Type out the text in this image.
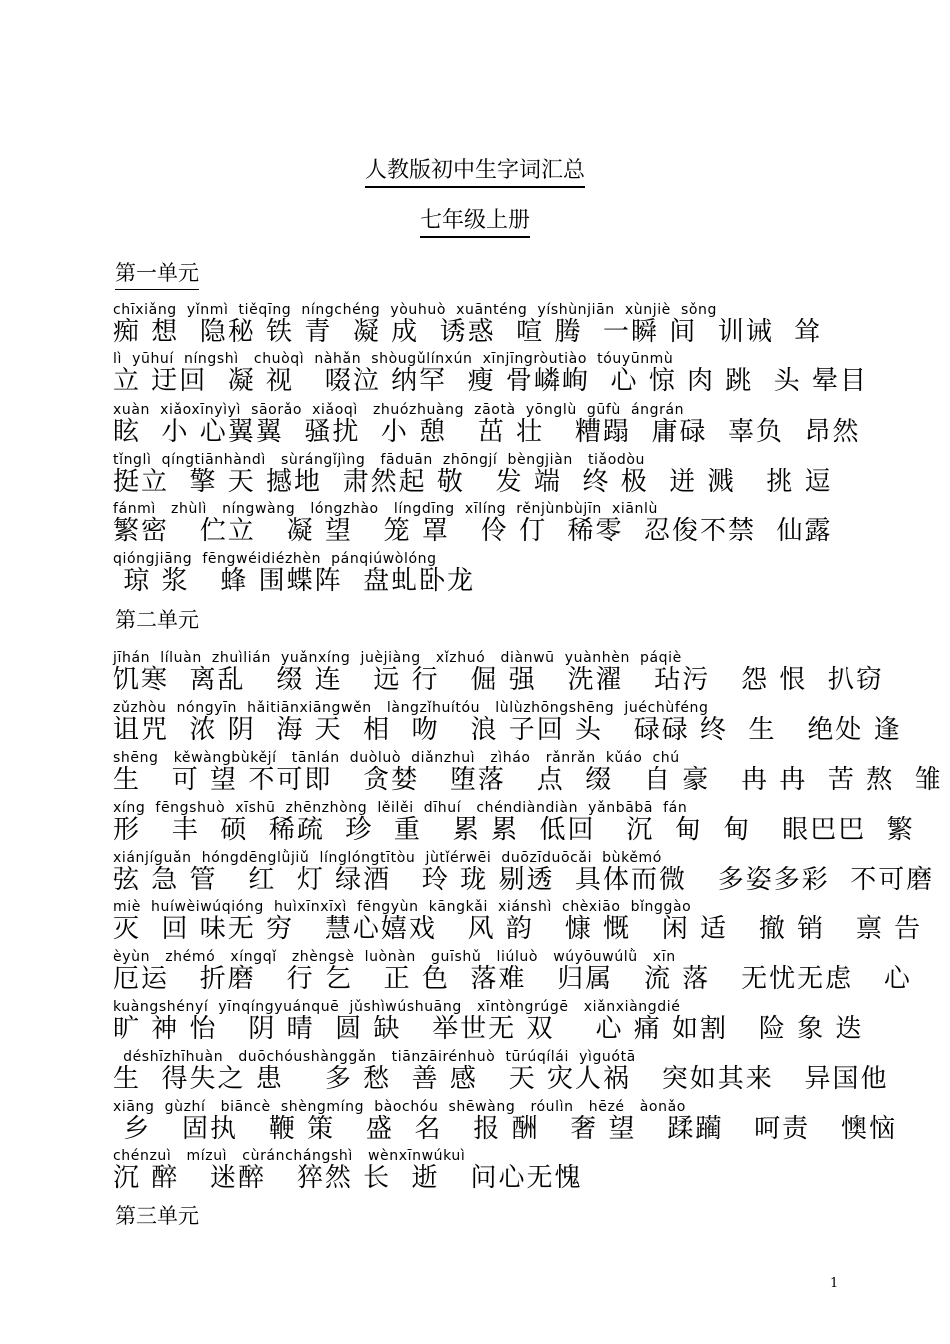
人教版初中生字词汇总
七年级上册
第一单元
chīxiǎng  yǐnmì  tiěqīng  níngchéng  yòuhuò  xuānténg  yíshùnjiān  xùnjiè  sǒng
痴 想  隐秘 铁 青  凝 成  诱惑  喧 腾  一瞬 间  训诫  耸
lì  yūhuí  níngshì   chuòqì  nàhǎn  shòugǔlínxún  xīnjīngròutiào  tóuyūnmù
立 迂回  凝 视   啜泣 纳罕  瘦 骨嶙峋  心 惊 肉 跳  头 晕目
xuàn  xiǎoxīnyìyì  sāorǎo  xiǎoqì   zhuózhuàng  zāotà  yōnglù  gūfù  ángrán
眩  小 心翼翼  骚扰  小 憩   茁 壮   糟蹋  庸碌  辜负  昂然
tǐnglì  qíngtiānhàndì   sùrángǐjìng   fāduān  zhōngjí  bèngjiàn   tiǎodòu
挺立  擎 天 撼地  肃然起 敬   发 端  终 极  迸 溅   挑 逗
fánmì   zhùlì   níngwàng   lóngzhào   língdīng  xīlíng  rěnjùnbùjīn  xiānlù
繁密   伫立   凝 望   笼 罩   伶 仃  稀零  忍俊不禁  仙露
qióngjiāng  fēngwéidiézhèn  pánqiúwòlóng
琼 浆   蜂 围蝶阵  盘虬卧龙
第二单元
jīhán  líluàn  zhuìlián  yuǎnxíng  juèjiàng   xǐzhuó   diànwū  yuànhèn  páqiè
饥寒  离乱   缀 连   远 行   倔 强   洗濯   玷污   怨 恨  扒窃
zǔzhòu  nóngyīn  hǎitiānxiāngwěn   làngzǐhuítóu   lùlùzhōngshēng  juéchùféng
诅咒  浓 阴  海 天  相  吻   浪 子回 头   碌碌 终  生   绝处 逢
shēng   kěwàngbùkějí   tānlán  duòluò  diǎnzhuì   zìháo   rǎnrǎn  kǔáo  chú
生   可 望 不可即   贪婪   堕落   点  缀   自 豪   冉 冉  苦 熬  雏
xíng  fēngshuò  xīshū  zhēnzhòng  lěilěi  dīhuí   chéndiàndiàn  yǎnbābā  fán
形   丰  硕  稀疏  珍  重   累 累  低回   沉  甸  甸   眼巴巴  繁
xiánjíguǎn  hóngdēnglǜjiǔ  línglóngtītòu  jùtǐérwēi  duōzīduōcǎi  bùkěmó
弦 急 管   红  灯 绿酒   玲 珑 剔透  具体而微   多姿多彩  不可磨
miè  huíwèiwúqióng  huìxīnxīxì  fēngyùn  kāngkǎi  xiánshì  chèxiāo  bǐnggào
灭  回 味无 穷   慧心嬉戏   风 韵   慷 慨   闲 适   撤 销   禀 告
èyùn   zhémó   xíngqǐ   zhèngsè  luònàn   guīshǔ   liúluò   wúyōuwúlǜ   xīn
厄运   折磨   行 乞   正 色  落难   归属   流 落   无忧无虑   心
kuàngshényí  yīnqíngyuánquē  jǔshìwúshuāng   xīntòngrúgē   xiǎnxiàngdié
旷 神 怡   阴 晴  圆 缺   举世无 双    心 痛 如割   险 象 迭
déshīzhīhuàn   duōchóushànggǎn   tiānzāirénhuò  tūrúqílái  yìguótā
生  得失之 患    多 愁  善 感   天 灾人祸   突如其来   异国他
xiāng  gùzhí   biāncè  shèngmíng  bàochóu  shēwàng   róulìn   hēzé   àonǎo
乡   固执   鞭 策   盛  名   报 酬   奢 望   蹂躏   呵责   懊恼
chénzuì   mízuì   cùránchángshì   wènxīnwúkuì
沉 醉   迷醉   猝然 长  逝   问心无愧
第三单元
1
